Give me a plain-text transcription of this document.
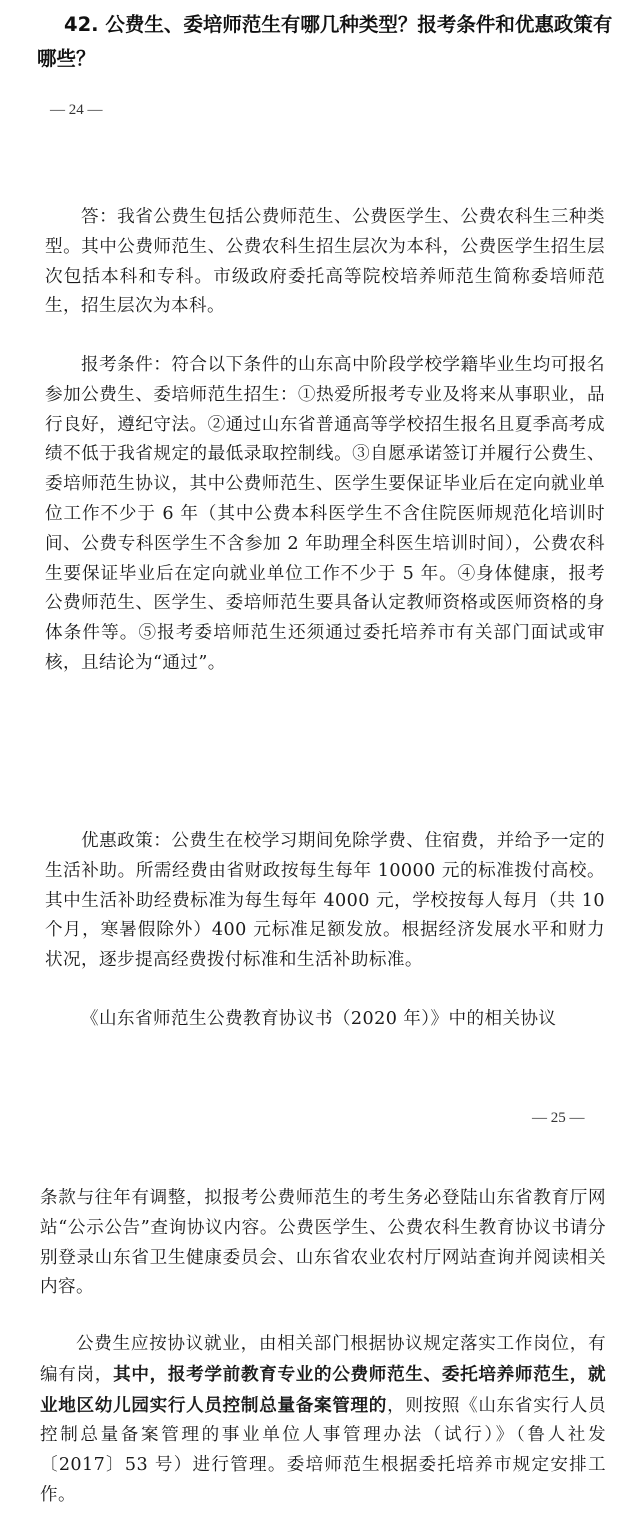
42. 公费生、委培师范生有哪几种类型？报考条件和优惠政策有哪些？
— 24 —

答：我省公费生包括公费师范生、公费医学生、公费农科生三种类型。其中公费师范生、公费农科生招生层次为本科，公费医学生招生层次包括本科和专科。市级政府委托高等院校培养师范生简称委培师范生，招生层次为本科。

报考条件：符合以下条件的山东高中阶段学校学籍毕业生均可报名参加公费生、委培师范生招生：①热爱所报考专业及将来从事职业，品行良好，遵纪守法。②通过山东省普通高等学校招生报名且夏季高考成绩不低于我省规定的最低录取控制线。③自愿承诺签订并履行公费生、委培师范生协议，其中公费师范生、医学生要保证毕业后在定向就业单位工作不少于 6 年（其中公费本科医学生不含住院医师规范化培训时间、公费专科医学生不含参加 2 年助理全科医生培训时间），公费农科生要保证毕业后在定向就业单位工作不少于 5 年。④身体健康，报考公费师范生、医学生、委培师范生要具备认定教师资格或医师资格的身体条件等。⑤报考委培师范生还须通过委托培养市有关部门面试或审核，且结论为“通过”。

优惠政策：公费生在校学习期间免除学费、住宿费，并给予一定的生活补助。所需经费由省财政按每生每年 10000 元的标准拨付高校。其中生活补助经费标准为每生每年 4000 元，学校按每人每月（共 10 个月，寒暑假除外）400 元标准足额发放。根据经济发展水平和财力状况，逐步提高经费拨付标准和生活补助标准。

《山东省师范生公费教育协议书（2020 年）》中的相关协议

— 25 —

条款与往年有调整，拟报考公费师范生的考生务必登陆山东省教育厅网站“公示公告”查询协议内容。公费医学生、公费农科生教育协议书请分别登录山东省卫生健康委员会、山东省农业农村厅网站查询并阅读相关内容。

公费生应按协议就业，由相关部门根据协议规定落实工作岗位，有编有岗，其中，报考学前教育专业的公费师范生、委托培养师范生，就业地区幼儿园实行人员控制总量备案管理的，则按照《山东省实行人员控制总量备案管理的事业单位人事管理办法（试行）》（鲁人社发〔2017〕53 号）进行管理。委培师范生根据委托培养市规定安排工作。
